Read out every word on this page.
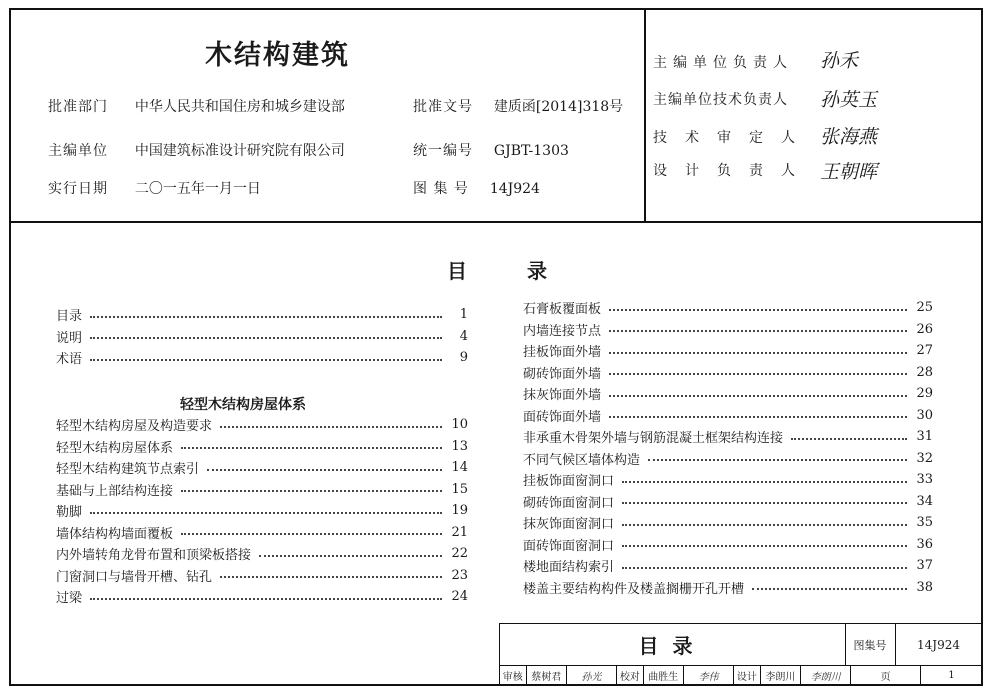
木结构建筑
批准部门 中华人民共和国住房和城乡建设部
主编单位 中国建筑标准设计研究院有限公司
实行日期 二〇一五年一月一日
批准文号 建质函[2014]318号
统一编号 GJBT-1303
图 集 号 14J924
主编单位负责人 孙禾
主编单位技术负责人 孙英玉
技术审定人 张海燕
设计负责人 王朝晖
目	录
目录	1
说明	4
术语	9
轻型木结构房屋体系
轻型木结构房屋及构造要求	10
轻型木结构房屋体系	13
轻型木结构建筑节点索引	14
基础与上部结构连接	15
勒脚	19
墙体结构构墙面覆板	21
内外墙转角龙骨布置和顶梁板搭接	22
门窗洞口与墙骨开槽、钻孔	23
过梁	24
石膏板覆面板	25
内墙连接节点	26
挂板饰面外墙	27
砌砖饰面外墙	28
抹灰饰面外墙	29
面砖饰面外墙	30
非承重木骨架外墙与钢筋混凝土框架结构连接	31
不同气候区墙体构造	32
挂板饰面窗洞口	33
砌砖饰面窗洞口	34
抹灰饰面窗洞口	35
面砖饰面窗洞口	36
楼地面结构索引	37
楼盖主要结构构件及楼盖搁栅开孔开槽	38
目录	图集号	14J924
审核 蔡树君	孙光	校对 曲胜生	李伟	设计 李朗川	李朗川	页	1
